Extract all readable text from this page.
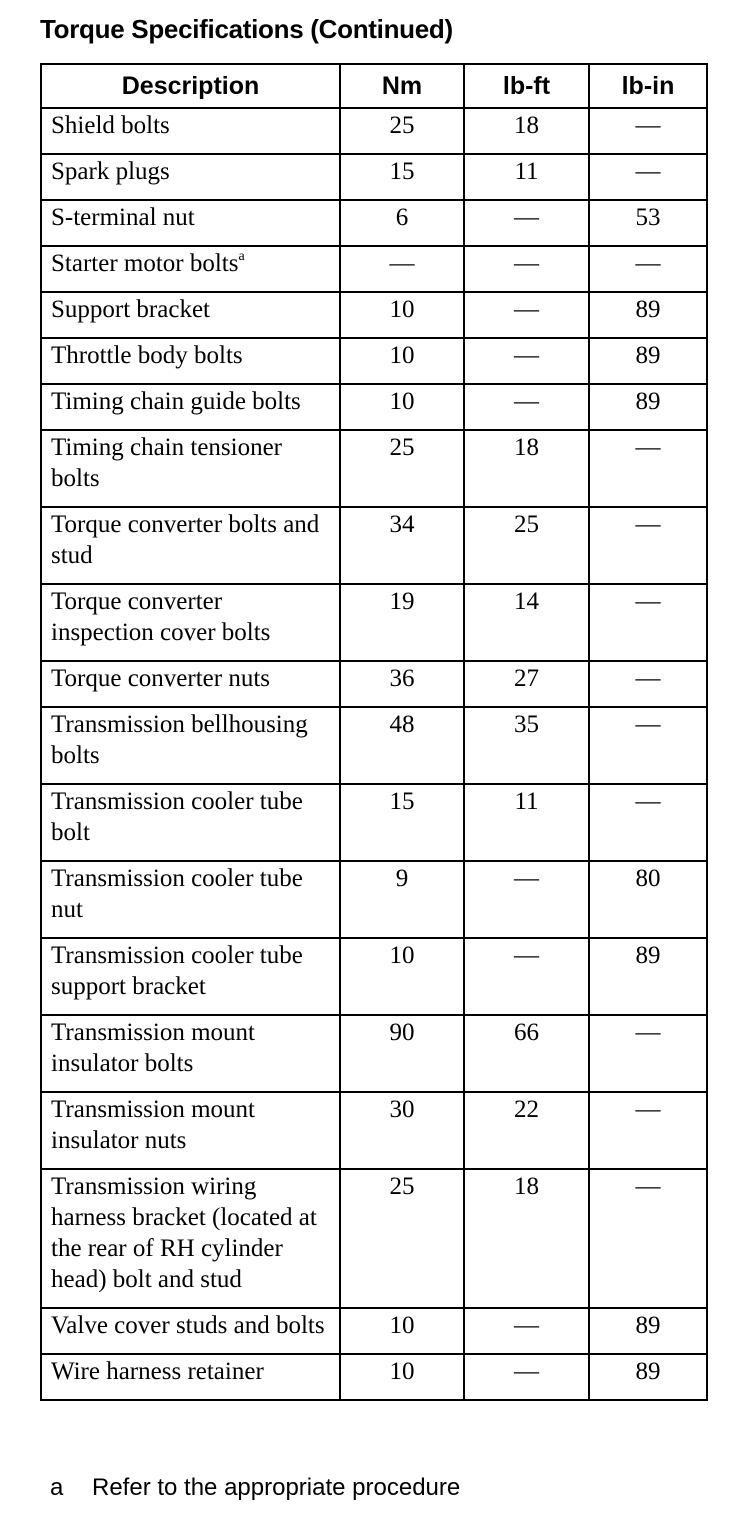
Torque Specifications (Continued)
Description	Nm	lb-ft	lb-in
Shield bolts	25	18	—
Spark plugs	15	11	—
S-terminal nut	6	—	53
Starter motor bolts$^a$	—	—	—
Support bracket	10	—	89
Throttle body bolts	10	—	89
Timing chain guide bolts	10	—	89
Timing chain tensioner bolts	25	18	—
Torque converter bolts and stud	34	25	—
Torque converter inspection cover bolts	19	14	—
Torque converter nuts	36	27	—
Transmission bellhousing bolts	48	35	—
Transmission cooler tube bolt	15	11	—
Transmission cooler tube nut	9	—	80
Transmission cooler tube support bracket	10	—	89
Transmission mount insulator bolts	90	66	—
Transmission mount insulator nuts	30	22	—
Transmission wiring harness bracket (located at the rear of RH cylinder head) bolt and stud	25	18	—
Valve cover studs and bolts	10	—	89
Wire harness retainer	10	—	89

a Refer to the appropriate procedure
